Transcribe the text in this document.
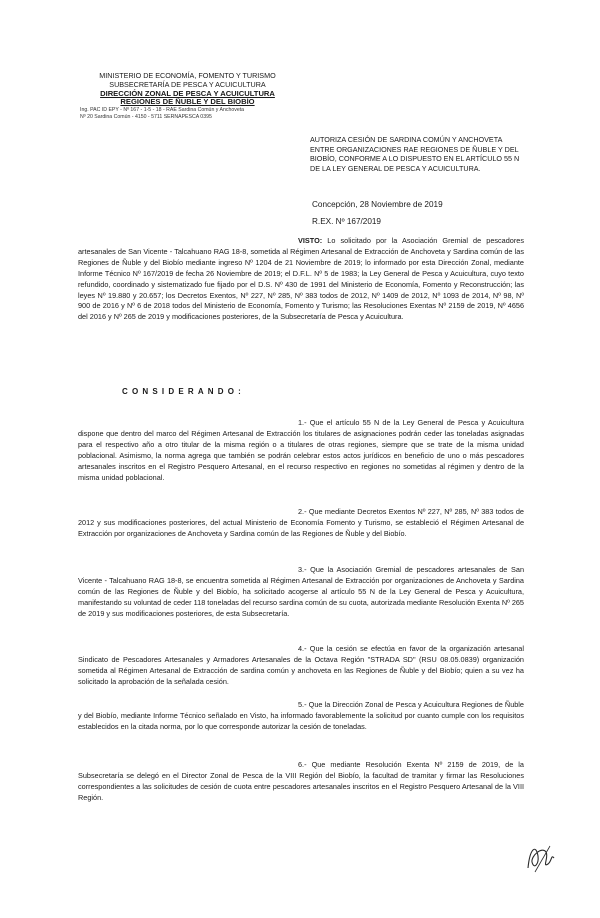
MINISTERIO DE ECONOMÍA, FOMENTO Y TURISMO
SUBSECRETARÍA DE PESCA Y ACUICULTURA
DIRECCIÓN ZONAL DE PESCA Y ACUICULTURA
REGIONES DE ÑUBLE Y DEL BIOBÍO
Ing. PAC ID EPY - Nº 167 - 1-5 - 18 - RAE Sardina Común y Anchoveta
Nº 20 Sardina Común - 4150 - 5711 SERNAPESCA 0395
AUTORIZA CESIÓN DE SARDINA COMÚN Y ANCHOVETA ENTRE ORGANIZACIONES RAE REGIONES DE ÑUBLE Y DEL BIOBÍO, CONFORME A LO DISPUESTO EN EL ARTÍCULO 55 N DE LA LEY GENERAL DE PESCA Y ACUICULTURA.
Concepción, 28 Noviembre de 2019
R.EX. Nº 167/2019

VISTO: Lo solicitado por la Asociación Gremial de pescadores artesanales de San Vicente - Talcahuano RAG 18-8, sometida al Régimen Artesanal de Extracción de Anchoveta y Sardina común de las Regiones de Ñuble y del Biobío mediante ingreso Nº 1204 de 21 Noviembre de 2019; lo informado por esta Dirección Zonal, mediante Informe Técnico Nº 167/2019 de fecha 26 Noviembre de 2019; el D.F.L. Nº 5 de 1983; la Ley General de Pesca y Acuicultura, cuyo texto refundido, coordinado y sistematizado fue fijado por el D.S. Nº 430 de 1991 del Ministerio de Economía, Fomento y Reconstrucción; las leyes Nº 19.880 y 20.657; los Decretos Exentos, Nº 227, Nº 285, Nº 383 todos de 2012, Nº 1409 de 2012, Nº 1093 de 2014, Nº 98, Nº 900 de 2016 y Nº 6 de 2018 todos del Ministerio de Economía, Fomento y Turismo; las Resoluciones Exentas Nº 2159 de 2019, Nº 4656 del 2016 y Nº 265 de 2019 y modificaciones posteriores, de la Subsecretaría de Pesca y Acuicultura.

CONSIDERANDO:

1.- Que el artículo 55 N de la Ley General de Pesca y Acuicultura dispone que dentro del marco del Régimen Artesanal de Extracción los titulares de asignaciones podrán ceder las toneladas asignadas para el respectivo año a otro titular de la misma región o a titulares de otras regiones, siempre que se trate de la misma unidad poblacional. Asimismo, la norma agrega que también se podrán celebrar estos actos jurídicos en beneficio de uno o más pescadores artesanales inscritos en el Registro Pesquero Artesanal, en el recurso respectivo en regiones no sometidas al régimen y dentro de la misma unidad poblacional.

2.- Que mediante Decretos Exentos Nº 227, Nº 285, Nº 383 todos de 2012 y sus modificaciones posteriores, del actual Ministerio de Economía Fomento y Turismo, se estableció el Régimen Artesanal de Extracción por organizaciones de Anchoveta y Sardina común de las Regiones de Ñuble y del Biobío.

3.- Que la Asociación Gremial de pescadores artesanales de San Vicente - Talcahuano RAG 18-8, se encuentra sometida al Régimen Artesanal de Extracción por organizaciones de Anchoveta y Sardina común de las Regiones de Ñuble y del Biobío, ha solicitado acogerse al artículo 55 N de la Ley General de Pesca y Acuicultura, manifestando su voluntad de ceder 118 toneladas del recurso sardina común de su cuota, autorizada mediante Resolución Exenta Nº 265 de 2019 y sus modificaciones posteriores, de esta Subsecretaría.

4.- Que la cesión se efectúa en favor de la organización artesanal Sindicato de Pescadores Artesanales y Armadores Artesanales de la Octava Región "STRADA SD" (RSU 08.05.0839) organización sometida al Régimen Artesanal de Extracción de sardina común y anchoveta en las Regiones de Ñuble y del Biobío; quien a su vez ha solicitado la aprobación de la señalada cesión.

5.- Que la Dirección Zonal de Pesca y Acuicultura Regiones de Ñuble y del Biobío, mediante Informe Técnico señalado en Visto, ha informado favorablemente la solicitud por cuanto cumple con los requisitos establecidos en la citada norma, por lo que corresponde autorizar la cesión de toneladas.

6.- Que mediante Resolución Exenta Nº 2159 de 2019, de la Subsecretaría se delegó en el Director Zonal de Pesca de la VIII Región del Biobío, la facultad de tramitar y firmar las Resoluciones correspondientes a las solicitudes de cesión de cuota entre pescadores artesanales inscritos en el Registro Pesquero Artesanal de la VIII Región.
